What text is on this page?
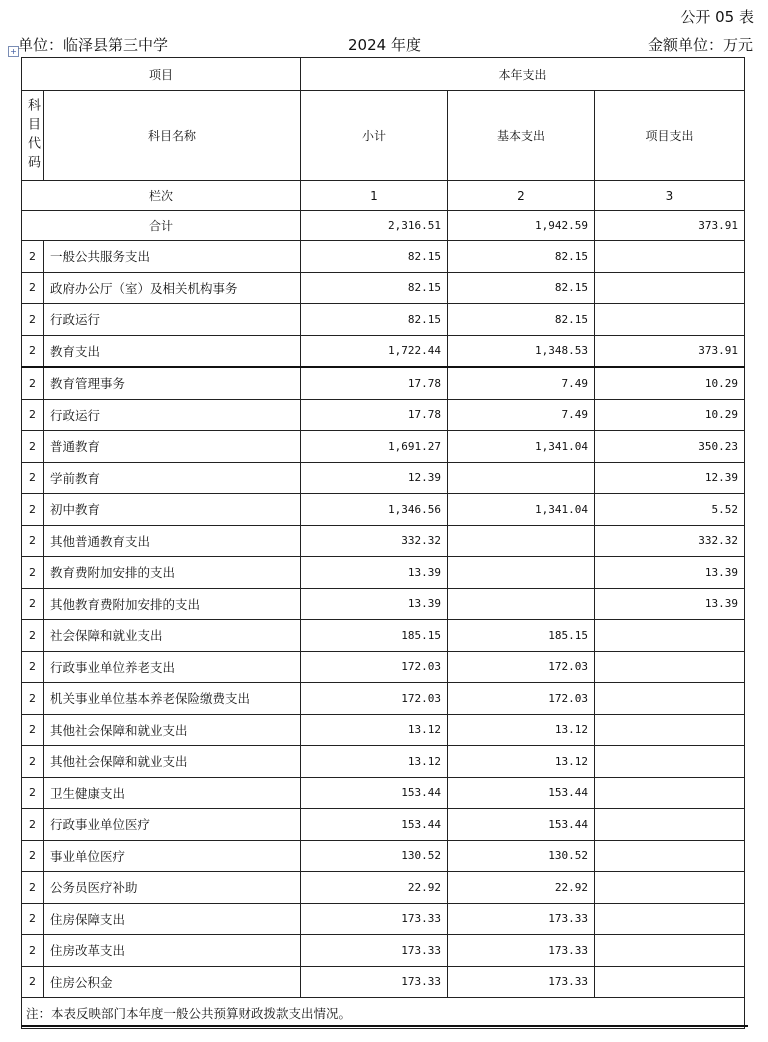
公开 05 表
+ 单位：临泽县第三中学	2024 年度	金额单位：万元
项目		本年支出		
科目代码	科目名称	小计	基本支出	项目支出
栏次		1	2	3
合计		2,316.51	1,942.59	373.91
2	一般公共服务支出	82.15	82.15	
2	政府办公厅（室）及相关机构事务	82.15	82.15	
2	行政运行	82.15	82.15	
2	教育支出	1,722.44	1,348.53	373.91
2	教育管理事务	17.78	7.49	10.29
2	行政运行	17.78	7.49	10.29
2	普通教育	1,691.27	1,341.04	350.23
2	学前教育	12.39		12.39
2	初中教育	1,346.56	1,341.04	5.52
2	其他普通教育支出	332.32		332.32
2	教育费附加安排的支出	13.39		13.39
2	其他教育费附加安排的支出	13.39		13.39
2	社会保障和就业支出	185.15	185.15	
2	行政事业单位养老支出	172.03	172.03	
2	机关事业单位基本养老保险缴费支出	172.03	172.03	
2	其他社会保障和就业支出	13.12	13.12	
2	其他社会保障和就业支出	13.12	13.12	
2	卫生健康支出	153.44	153.44	
2	行政事业单位医疗	153.44	153.44	
2	事业单位医疗	130.52	130.52	
2	公务员医疗补助	22.92	22.92	
2	住房保障支出	173.33	173.33	
2	住房改革支出	173.33	173.33	
2	住房公积金	173.33	173.33	
注：本表反映部门本年度一般公共预算财政拨款支出情况。				
